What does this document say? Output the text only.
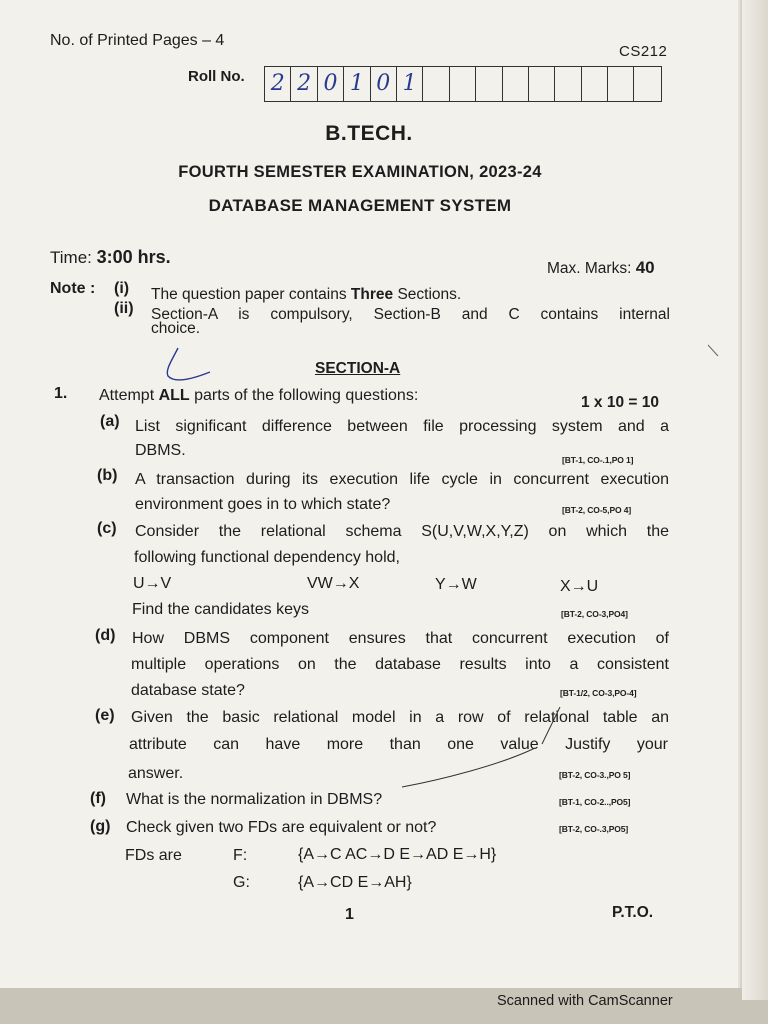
No. of Printed Pages – 4
CS212
Roll No. 2 2 0 1 0 1
B.TECH.
FOURTH SEMESTER EXAMINATION, 2023-24
DATABASE MANAGEMENT SYSTEM
Time: 3:00 hrs.
Max. Marks: 40
Note : (i) The question paper contains Three Sections.
(ii) Section-A is compulsory, Section-B and C contains internal
choice.
SECTION-A
1. Attempt ALL parts of the following questions:	1 x 10 = 10
(a) List significant difference between file processing system and a
DBMS.
[BT-1, CO-.1,PO 1]
(b) A transaction during its execution life cycle in concurrent execution
environment goes in to which state?	[BT-2, CO-5,PO 4]
(c) Consider the relational schema S(U,V,W,X,Y,Z) on which the
following functional dependency hold,
U→V	VW→X	Y→W	X→U
Find the candidates keys	[BT-2, CO-3,PO4]
(d) How DBMS component ensures that concurrent execution of
multiple operations on the database results into a consistent
database state?	[BT-1/2, CO-3,PO-4]
(e) Given the basic relational model in a row of relational table an
attribute can have more than one value Justify your
answer.	[BT-2, CO-3.,PO 5]
(f) What is the normalization in DBMS?	[BT-1, CO-2..,PO5]
(g) Check given two FDs are equivalent or not?	[BT-2, CO-.3,PO5]
FDs are	F:	{A→C AC→D E→AD E→H}
G:	{A→CD E→AH}
1	P.T.O.
Scanned with CamScanner
